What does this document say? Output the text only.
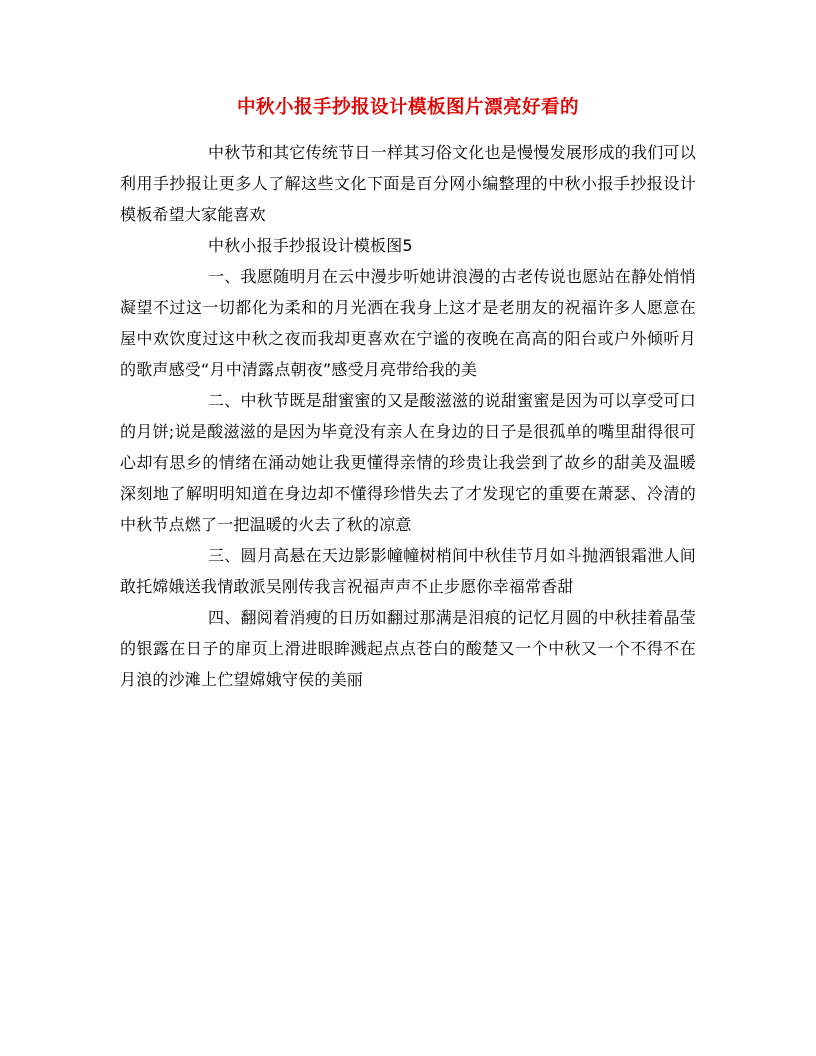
中秋小报手抄报设计模板图片漂亮好看的

中秋节和其它传统节日一样其习俗文化也是慢慢发展形成的我们可以利用手抄报让更多人了解这些文化下面是百分网小编整理的中秋小报手抄报设计模板希望大家能喜欢

中秋小报手抄报设计模板图5

一、我愿随明月在云中漫步听她讲浪漫的古老传说也愿站在静处悄悄凝望不过这一切都化为柔和的月光洒在我身上这才是老朋友的祝福许多人愿意在屋中欢饮度过这中秋之夜而我却更喜欢在宁谧的夜晚在高高的阳台或户外倾听月的歌声感受“月中清露点朝夜”感受月亮带给我的美

二、中秋节既是甜蜜蜜的又是酸滋滋的说甜蜜蜜是因为可以享受可口的月饼;说是酸滋滋的是因为毕竟没有亲人在身边的日子是很孤单的嘴里甜得很可心却有思乡的情绪在涌动她让我更懂得亲情的珍贵让我尝到了故乡的甜美及温暖深刻地了解明明知道在身边却不懂得珍惜失去了才发现它的重要在萧瑟、冷清的中秋节点燃了一把温暖的火去了秋的凉意

三、圆月高悬在天边影影幢幢树梢间中秋佳节月如斗抛洒银霜泄人间敢托嫦娥送我情敢派吴刚传我言祝福声声不止步愿你幸福常香甜

四、翻阅着消瘦的日历如翻过那满是泪痕的记忆月圆的中秋挂着晶莹的银露在日子的扉页上滑进眼眸溅起点点苍白的酸楚又一个中秋又一个不得不在月浪的沙滩上伫望嫦娥守侯的美丽
